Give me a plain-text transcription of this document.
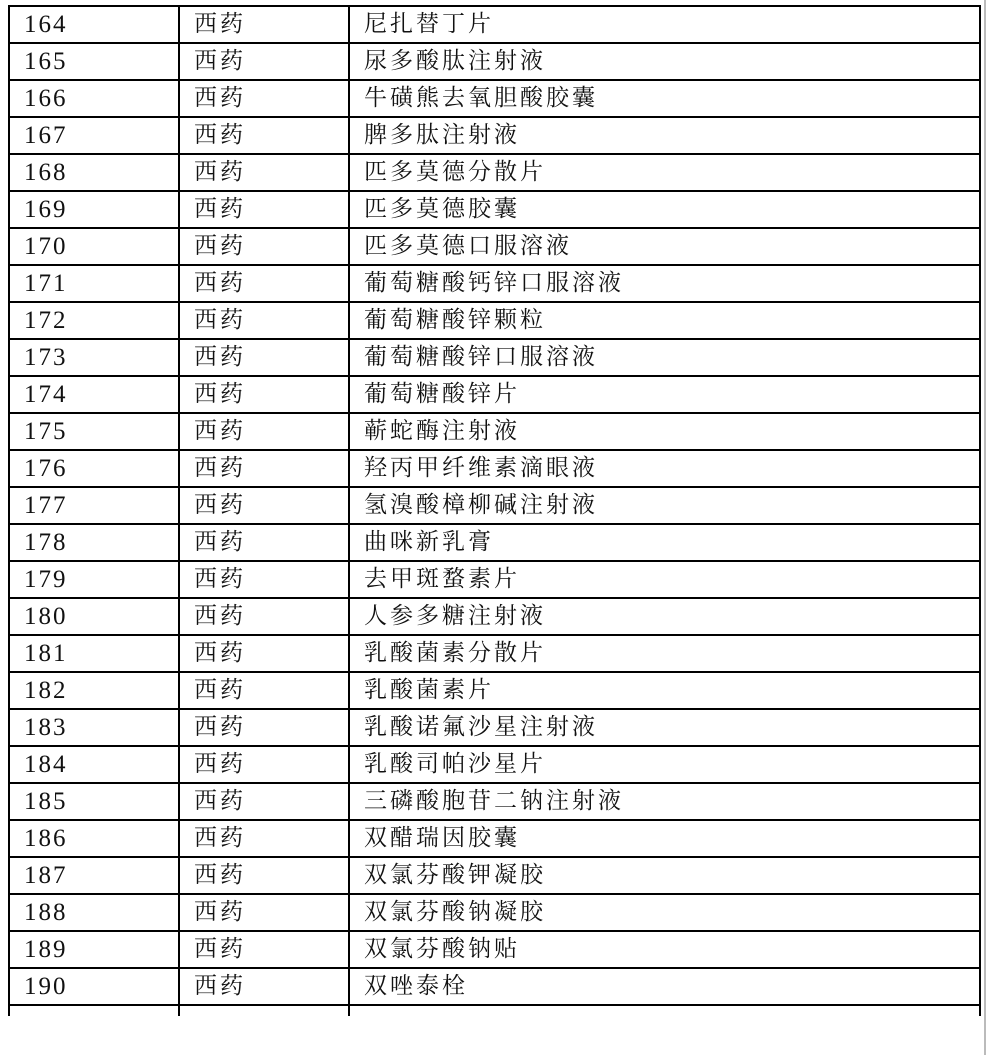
164	西药	尼扎替丁片
165	西药	尿多酸肽注射液
166	西药	牛磺熊去氧胆酸胶囊
167	西药	脾多肽注射液
168	西药	匹多莫德分散片
169	西药	匹多莫德胶囊
170	西药	匹多莫德口服溶液
171	西药	葡萄糖酸钙锌口服溶液
172	西药	葡萄糖酸锌颗粒
173	西药	葡萄糖酸锌口服溶液
174	西药	葡萄糖酸锌片
175	西药	蕲蛇酶注射液
176	西药	羟丙甲纤维素滴眼液
177	西药	氢溴酸樟柳碱注射液
178	西药	曲咪新乳膏
179	西药	去甲斑蝥素片
180	西药	人参多糖注射液
181	西药	乳酸菌素分散片
182	西药	乳酸菌素片
183	西药	乳酸诺氟沙星注射液
184	西药	乳酸司帕沙星片
185	西药	三磷酸胞苷二钠注射液
186	西药	双醋瑞因胶囊
187	西药	双氯芬酸钾凝胶
188	西药	双氯芬酸钠凝胶
189	西药	双氯芬酸钠贴
190	西药	双唑泰栓
